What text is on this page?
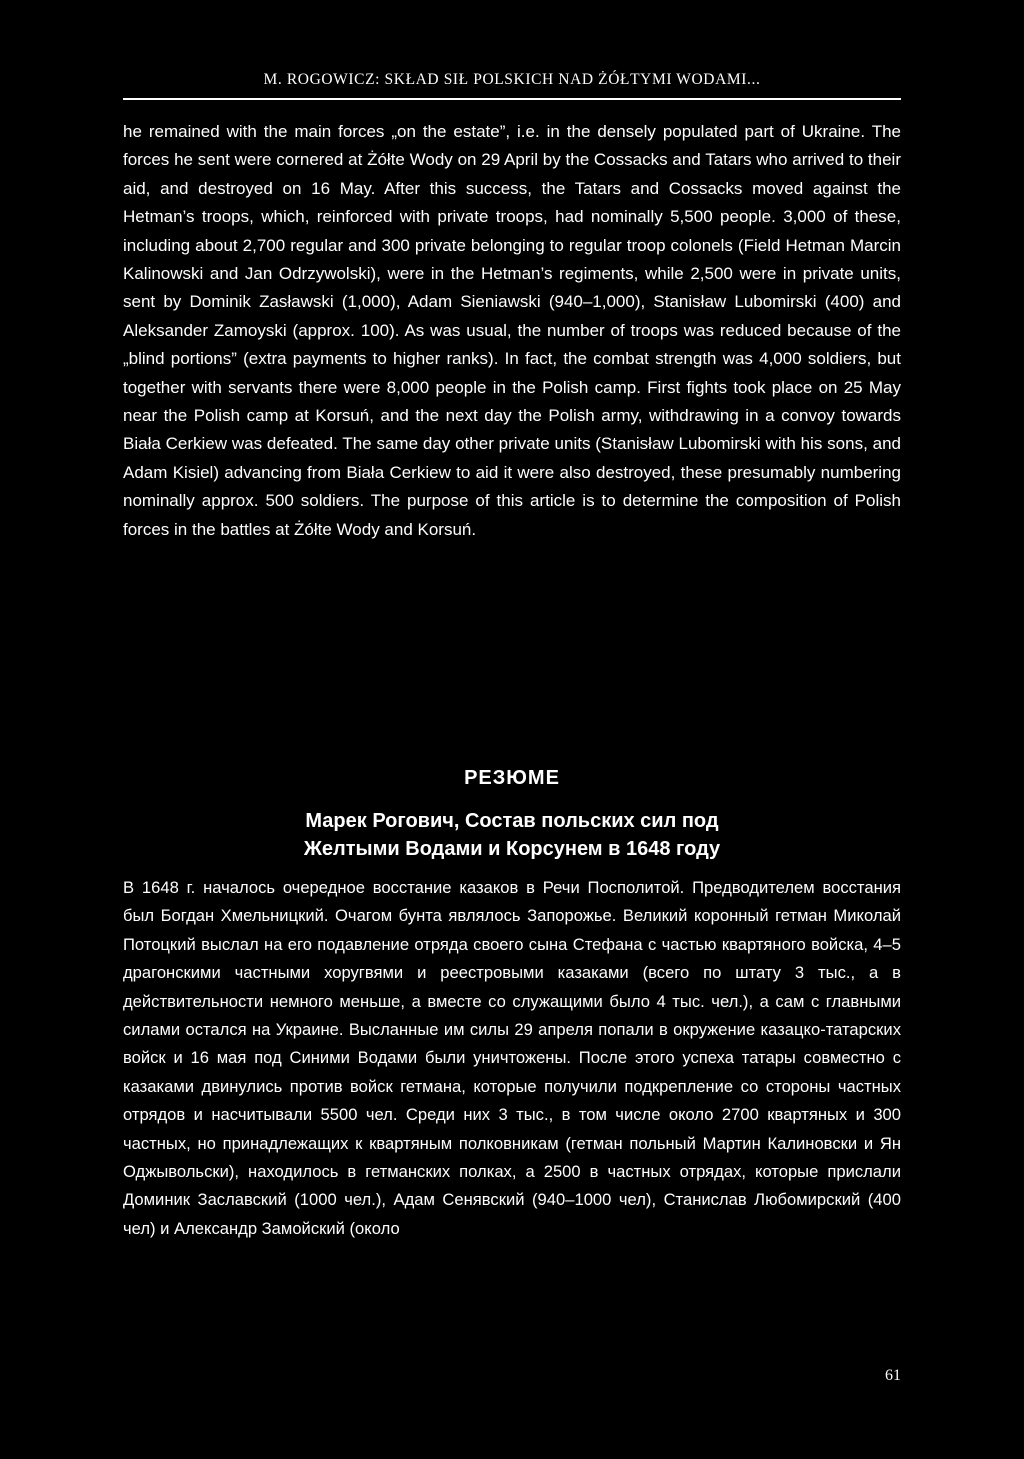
M. ROGOWICZ: SKŁAD SIŁ POLSKICH NAD ŻÓŁTYMI WODAMI...

he remained with the main forces „on the estate”, i.e. in the densely populated part of Ukraine. The forces he sent were cornered at Żółte Wody on 29 April by the Cossacks and Tatars who arrived to their aid, and destroyed on 16 May. After this success, the Tatars and Cossacks moved against the Hetman’s troops, which, reinforced with private troops, had nominally 5,500 people. 3,000 of these, including about 2,700 regular and 300 private belonging to regular troop colonels (Field Hetman Marcin Kalinowski and Jan Odrzywolski), were in the Hetman’s regiments, while 2,500 were in private units, sent by Dominik Zasławski (1,000), Adam Sieniawski (940–1,000), Stanisław Lubomirski (400) and Aleksander Zamoyski (approx. 100). As was usual, the number of troops was reduced because of the „blind portions” (extra payments to higher ranks). In fact, the combat strength was 4,000 soldiers, but together with servants there were 8,000 people in the Polish camp. First fights took place on 25 May near the Polish camp at Korsuń, and the next day the Polish army, withdrawing in a convoy towards Biała Cerkiew was defeated. The same day other private units (Stanisław Lubomirski with his sons, and Adam Kisiel) advancing from Biała Cerkiew to aid it were also destroyed, these presumably numbering nominally approx. 500 soldiers. The purpose of this article is to determine the composition of Polish forces in the battles at Żółte Wody and Korsuń.

РЕЗЮМЕ
Марек Рогович, Состав польских сил под
Желтыми Водами и Корсунем в 1648 году

В 1648 г. началось очередное восстание казаков в Речи Посполитой. Предводителем восстания был Богдан Хмельницкий. Очагом бунта являлось Запорожье. Великий коронный гетман Миколай Потоцкий выслал на его подавление отряда своего сына Стефана с частью квартяного войска, 4–5 драгонскими частными хоругвями и реестровыми казаками (всего по штату 3 тыс., а в действительности немного меньше, а вместе со служащими было 4 тыс. чел.), а сам с главными силами остался на Украине. Высланные им силы 29 апреля попали в окружение казацко-татарских войск и 16 мая под Синими Водами были уничтожены. После этого успеха татары совместно с казаками двинулись против войск гетмана, которые получили подкрепление со стороны частных отрядов и насчитывали 5500 чел. Среди них 3 тыс., в том числе около 2700 квартяных и 300 частных, но принадлежащих к квартяным полковникам (гетман польный Мартин Калиновски и Ян Оджывольски), находилось в гетманских полках, а 2500 в частных отрядах, которые прислали Доминик Заславский (1000 чел.), Адам Сенявский (940–1000 чел), Станислав Любомирский (400 чел) и Александр Замойский (около

61
